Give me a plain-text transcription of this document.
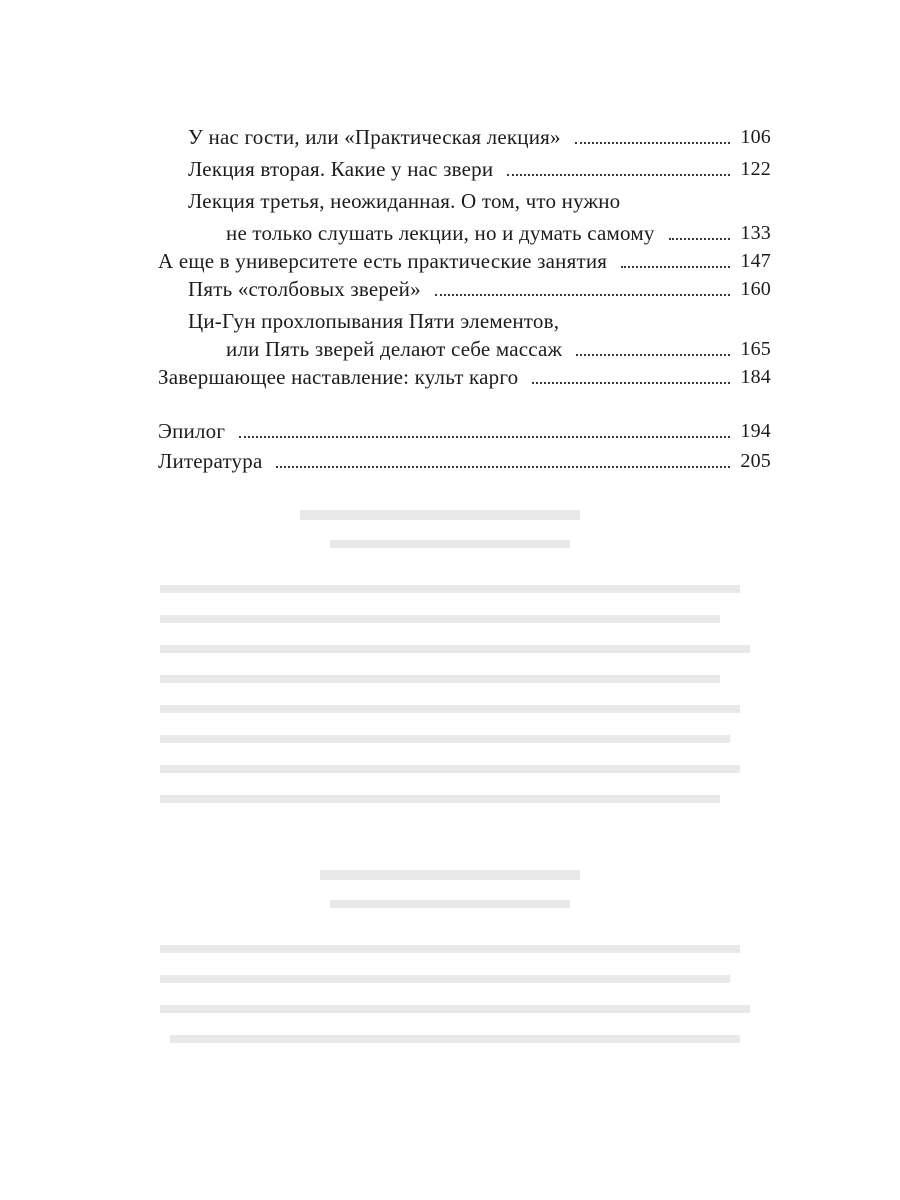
У нас гости, или «Практическая лекция»	106
Лекция вторая. Какие у нас звери	122
Лекция третья, неожиданная. О том, что нужно
не только слушать лекции, но и думать самому	133
А еще в университете есть практические занятия	147
Пять «столбовых зверей»	160
Ци-Гун прохлопывания Пяти элементов,
или Пять зверей делают себе массаж	165
Завершающее наставление: культ карго	184
Эпилог	194
Литература	205
